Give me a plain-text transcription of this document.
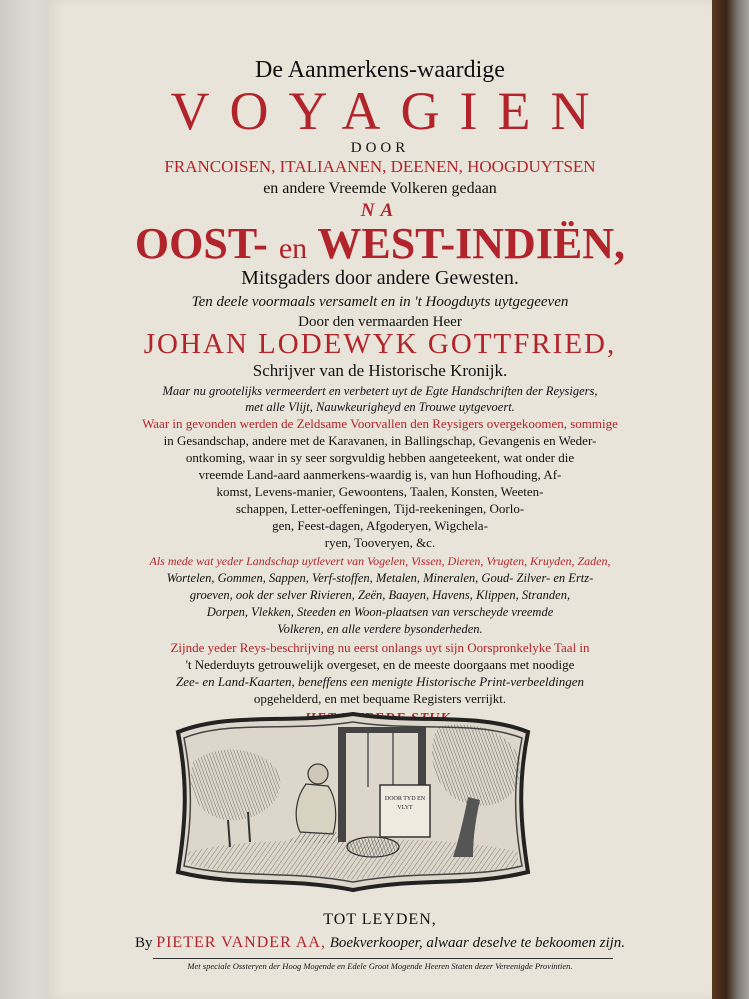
De Aanmerkens-waardige
VOYAGIEN
DOOR
FRANCOISEN, ITALIAANEN, DEENEN, HOOGDUYTSEN
en andere Vreemde Volkeren gedaan
NA
OOST- en WEST-INDIËN,
Mitsgaders door andere Gewesten.
Ten deele voormaals versamelt en in 't Hoogduyts uytgegeeven
Door den vermaarden Heer
JOHAN LODEWYK GOTTFRIED,
Schrijver van de Historische Kronijk.
Maar nu grootelijks vermeerdert en verbetert uyt de Egte Handschriften der Reysigers,
met alle Vlijt, Nauwkeurigheyd en Trouwe uytgevoert.
Waar in gevonden werden de Zeldsame Voorvallen den Reysigers overgekoomen, sommige
in Gesandschap, andere met de Karavanen, in Ballingschap, Gevangenis en Weder-
ontkoming, waar in sy seer sorgvuldig hebben aangeteekent, wat onder die
vreemde Land-aard aanmerkens-waardig is, van hun Hofhouding, Af-
komst, Levens-manier, Gewoontens, Taalen, Konsten, Weeten-
schappen, Letter-oeffeningen, Tijd-reekeningen, Oorlo-
gen, Feest-dagen, Afgoderyen, Wigchela-
ryen, Tooveryen, &c.
Als mede wat yeder Landschap uytlevert van Vogelen, Vissen, Dieren, Vrugten, Kruyden, Zaden,
Wortelen, Gommen, Sappen, Verf-stoffen, Metalen, Mineralen, Goud- Zilver- en Ertz-
groeven, ook der selver Rivieren, Zeën, Baayen, Havens, Klippen, Stranden,
Dorpen, Vlekken, Steeden en Woon-plaatsen van verscheyde vreemde
Volkeren, en alle verdere bysonderheden.
Zijnde yeder Reys-beschrijving nu eerst onlangs uyt sijn Oorspronkelyke Taal in
't Nederduyts getrouwelijk overgeset, en de meeste doorgaans met noodige
Zee- en Land-Kaarten, beneffens een menigte Historische Print-verbeeldingen
opgehelderd, en met bequame Registers verrijkt.
DOOR TYD EN
VLYT
TOT LEYDEN,
By PIETER VANDER AA, Boekverkooper, alwaar deselve te bekoomen zijn.
Met speciale Ossteryen der Hoog Mogende en Edele Groot Mogende Heeren Staten dezer Vereenigde Provintien.
